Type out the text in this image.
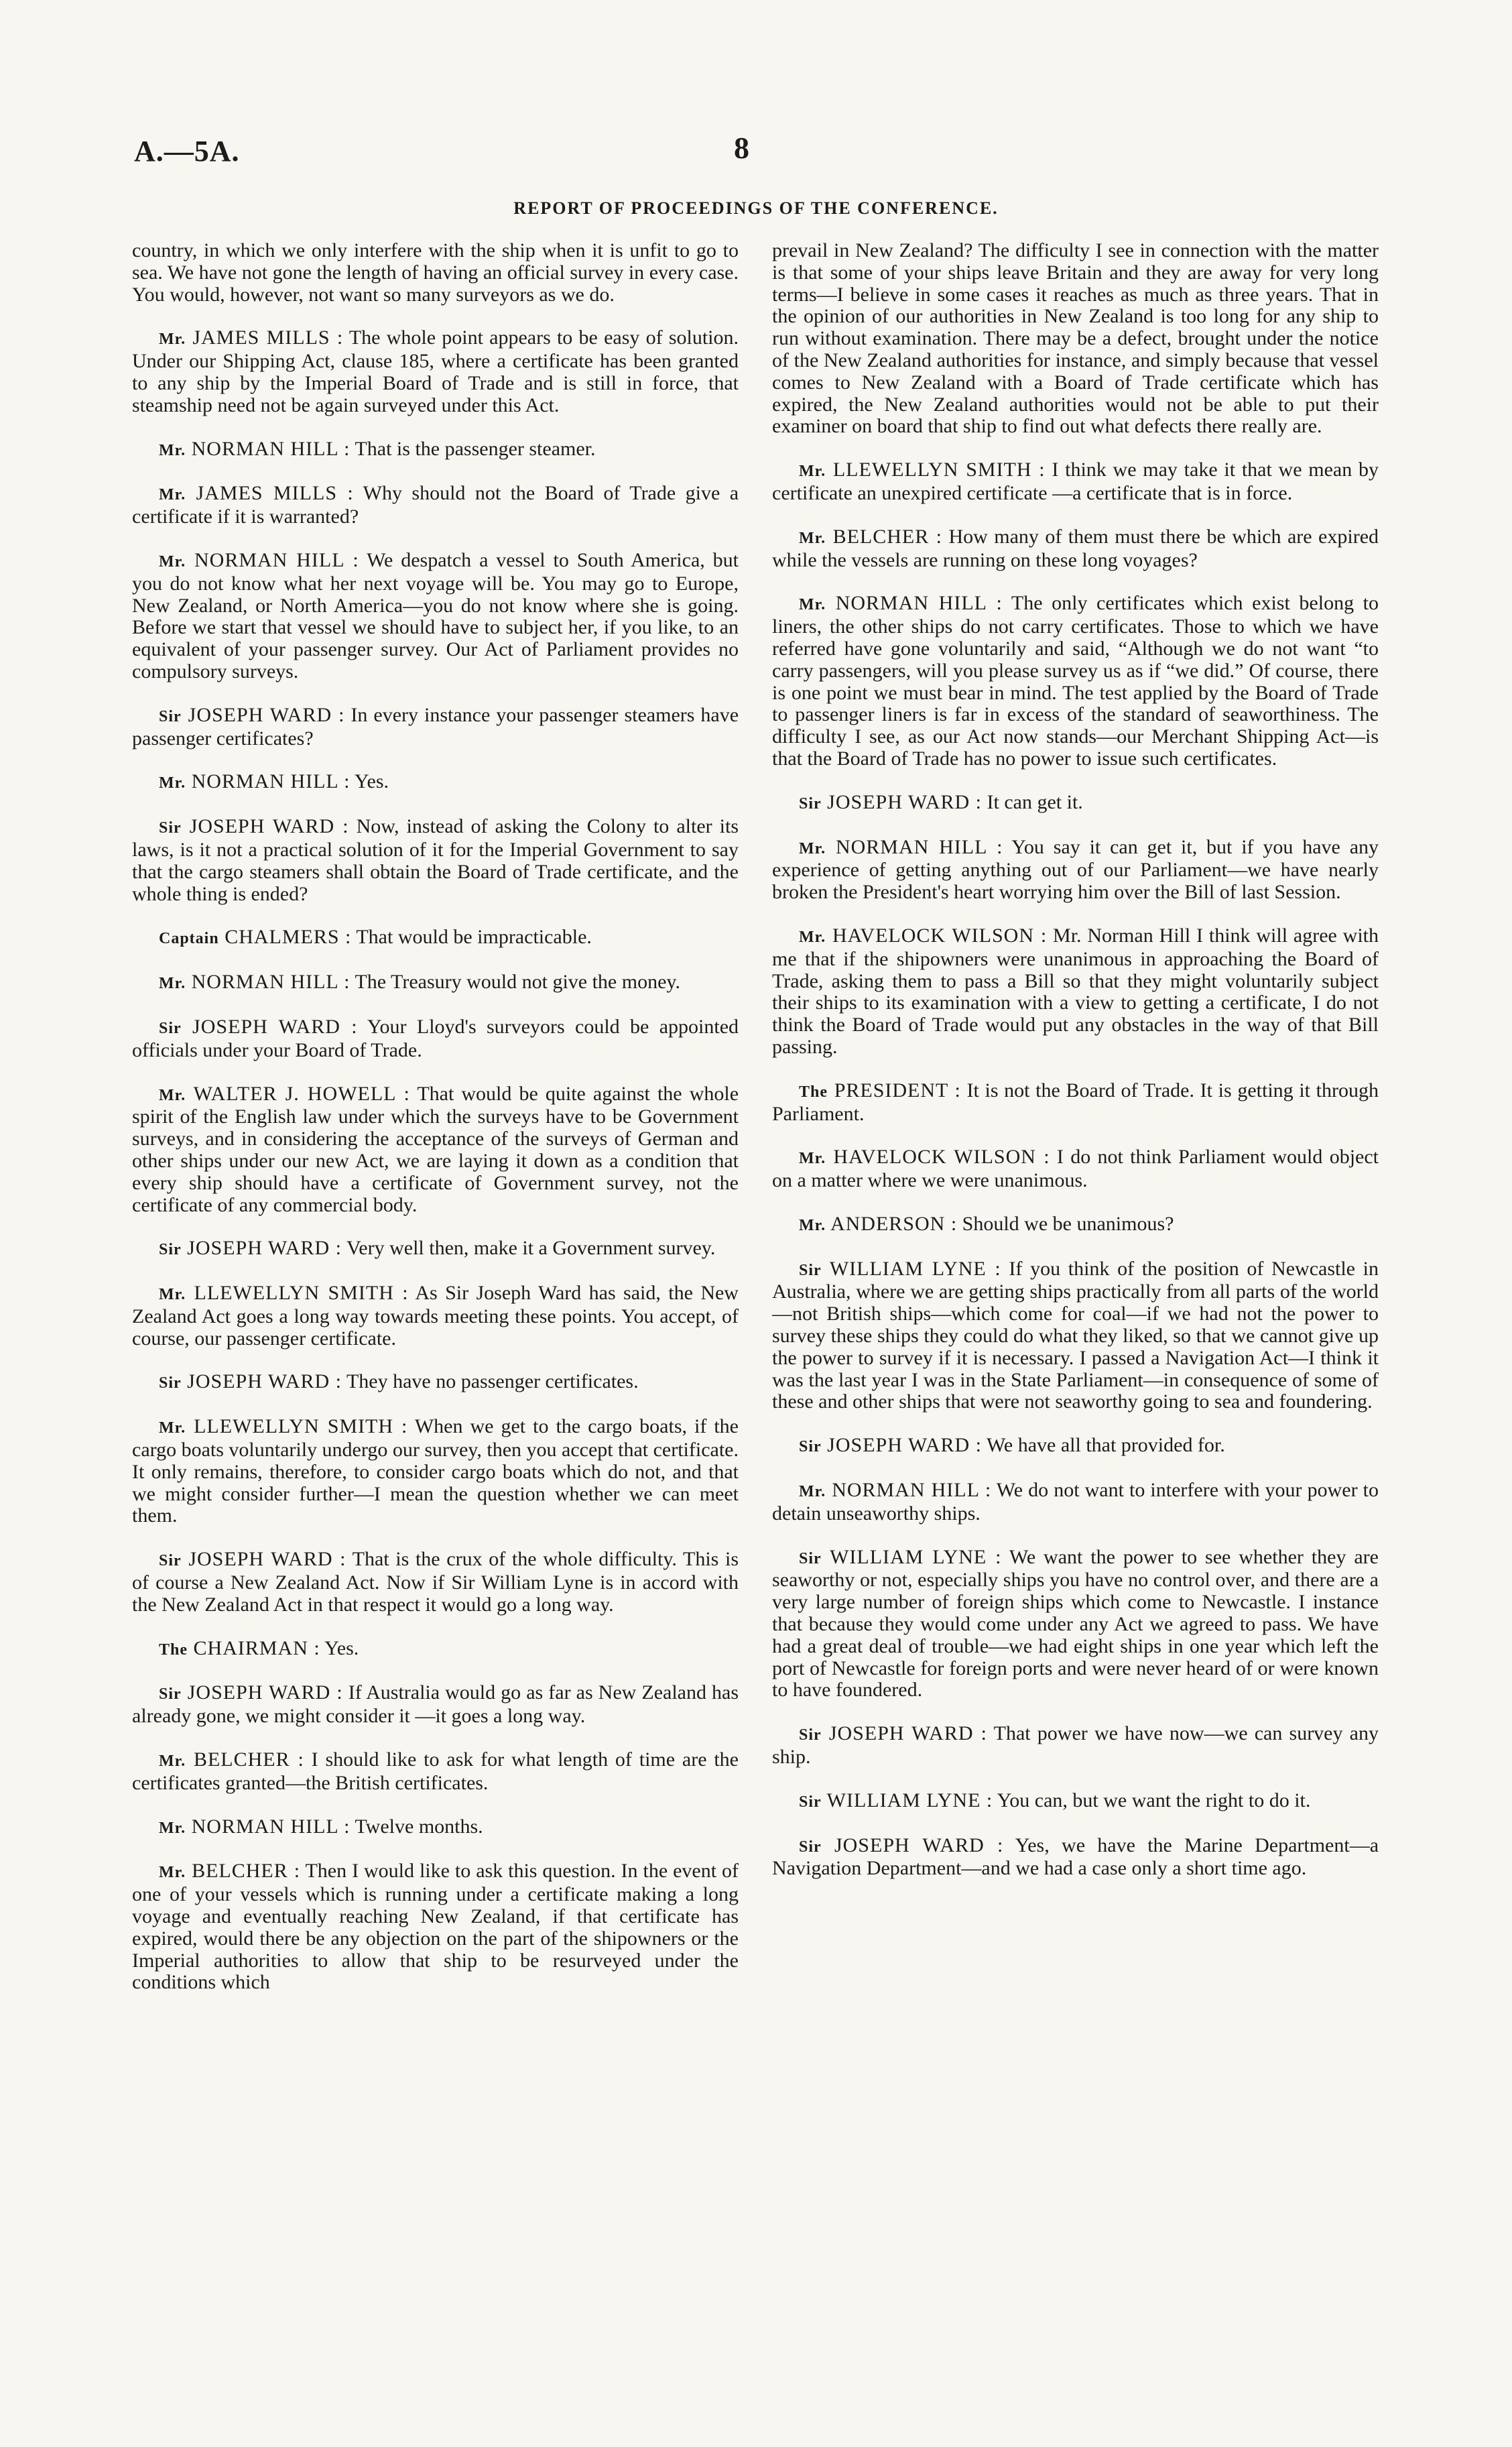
A.—5A.	8
REPORT OF PROCEEDINGS OF THE CONFERENCE.

country, in which we only interfere with the ship when it is unfit to go to sea. We have not gone the length of having an official survey in every case. You would, however, not want so many surveyors as we do.

Mr. JAMES MILLS : The whole point appears to be easy of solution. Under our Shipping Act, clause 185, where a certificate has been granted to any ship by the Imperial Board of Trade and is still in force, that steamship need not be again surveyed under this Act.

Mr. NORMAN HILL : That is the passenger steamer.

Mr. JAMES MILLS : Why should not the Board of Trade give a certificate if it is warranted?

Mr. NORMAN HILL : We despatch a vessel to South America, but you do not know what her next voyage will be. You may go to Europe, New Zealand, or North America—you do not know where she is going. Before we start that vessel we should have to subject her, if you like, to an equivalent of your passenger survey. Our Act of Parliament provides no compulsory surveys.

Sir JOSEPH WARD : In every instance your passenger steamers have passenger certificates?

Mr. NORMAN HILL : Yes.

Sir JOSEPH WARD : Now, instead of asking the Colony to alter its laws, is it not a practical solution of it for the Imperial Government to say that the cargo steamers shall obtain the Board of Trade certificate, and the whole thing is ended?

Captain CHALMERS : That would be impracticable.

Mr. NORMAN HILL : The Treasury would not give the money.

Sir JOSEPH WARD : Your Lloyd's surveyors could be appointed officials under your Board of Trade.

Mr. WALTER J. HOWELL : That would be quite against the whole spirit of the English law under which the surveys have to be Government surveys, and in considering the acceptance of the surveys of German and other ships under our new Act, we are laying it down as a condition that every ship should have a certificate of Government survey, not the certificate of any commercial body.

Sir JOSEPH WARD : Very well then, make it a Government survey.

Mr. LLEWELLYN SMITH : As Sir Joseph Ward has said, the New Zealand Act goes a long way towards meeting these points. You accept, of course, our passenger certificate.

Sir JOSEPH WARD : They have no passenger certificates.

Mr. LLEWELLYN SMITH : When we get to the cargo boats, if the cargo boats voluntarily undergo our survey, then you accept that certificate. It only remains, therefore, to consider cargo boats which do not, and that we might consider further—I mean the question whether we can meet them.

Sir JOSEPH WARD : That is the crux of the whole difficulty. This is of course a New Zealand Act. Now if Sir William Lyne is in accord with the New Zealand Act in that respect it would go a long way.

The CHAIRMAN : Yes.

Sir JOSEPH WARD : If Australia would go as far as New Zealand has already gone, we might consider it —it goes a long way.

Mr. BELCHER : I should like to ask for what length of time are the certificates granted—the British certificates.

Mr. NORMAN HILL : Twelve months.

Mr. BELCHER : Then I would like to ask this question. In the event of one of your vessels which is running under a certificate making a long voyage and eventually reaching New Zealand, if that certificate has expired, would there be any objection on the part of the shipowners or the Imperial authorities to allow that ship to be resurveyed under the conditions which

prevail in New Zealand? The difficulty I see in connection with the matter is that some of your ships leave Britain and they are away for very long terms—I believe in some cases it reaches as much as three years. That in the opinion of our authorities in New Zealand is too long for any ship to run without examination. There may be a defect, brought under the notice of the New Zealand authorities for instance, and simply because that vessel comes to New Zealand with a Board of Trade certificate which has expired, the New Zealand authorities would not be able to put their examiner on board that ship to find out what defects there really are.

Mr. LLEWELLYN SMITH : I think we may take it that we mean by certificate an unexpired certificate —a certificate that is in force.

Mr. BELCHER : How many of them must there be which are expired while the vessels are running on these long voyages?

Mr. NORMAN HILL : The only certificates which exist belong to liners, the other ships do not carry certificates. Those to which we have referred have gone voluntarily and said, “Although we do not want “to carry passengers, will you please survey us as if “we did.” Of course, there is one point we must bear in mind. The test applied by the Board of Trade to passenger liners is far in excess of the standard of seaworthiness. The difficulty I see, as our Act now stands—our Merchant Shipping Act—is that the Board of Trade has no power to issue such certificates.

Sir JOSEPH WARD : It can get it.

Mr. NORMAN HILL : You say it can get it, but if you have any experience of getting anything out of our Parliament—we have nearly broken the President's heart worrying him over the Bill of last Session.

Mr. HAVELOCK WILSON : Mr. Norman Hill I think will agree with me that if the shipowners were unanimous in approaching the Board of Trade, asking them to pass a Bill so that they might voluntarily subject their ships to its examination with a view to getting a certificate, I do not think the Board of Trade would put any obstacles in the way of that Bill passing.

The PRESIDENT : It is not the Board of Trade. It is getting it through Parliament.

Mr. HAVELOCK WILSON : I do not think Parliament would object on a matter where we were unanimous.

Mr. ANDERSON : Should we be unanimous?

Sir WILLIAM LYNE : If you think of the position of Newcastle in Australia, where we are getting ships practically from all parts of the world—not British ships—which come for coal—if we had not the power to survey these ships they could do what they liked, so that we cannot give up the power to survey if it is necessary. I passed a Navigation Act—I think it was the last year I was in the State Parliament—in consequence of some of these and other ships that were not seaworthy going to sea and foundering.

Sir JOSEPH WARD : We have all that provided for.

Mr. NORMAN HILL : We do not want to interfere with your power to detain unseaworthy ships.

Sir WILLIAM LYNE : We want the power to see whether they are seaworthy or not, especially ships you have no control over, and there are a very large number of foreign ships which come to Newcastle. I instance that because they would come under any Act we agreed to pass. We have had a great deal of trouble—we had eight ships in one year which left the port of Newcastle for foreign ports and were never heard of or were known to have foundered.

Sir JOSEPH WARD : That power we have now—we can survey any ship.

Sir WILLIAM LYNE : You can, but we want the right to do it.

Sir JOSEPH WARD : Yes, we have the Marine Department—a Navigation Department—and we had a case only a short time ago.
